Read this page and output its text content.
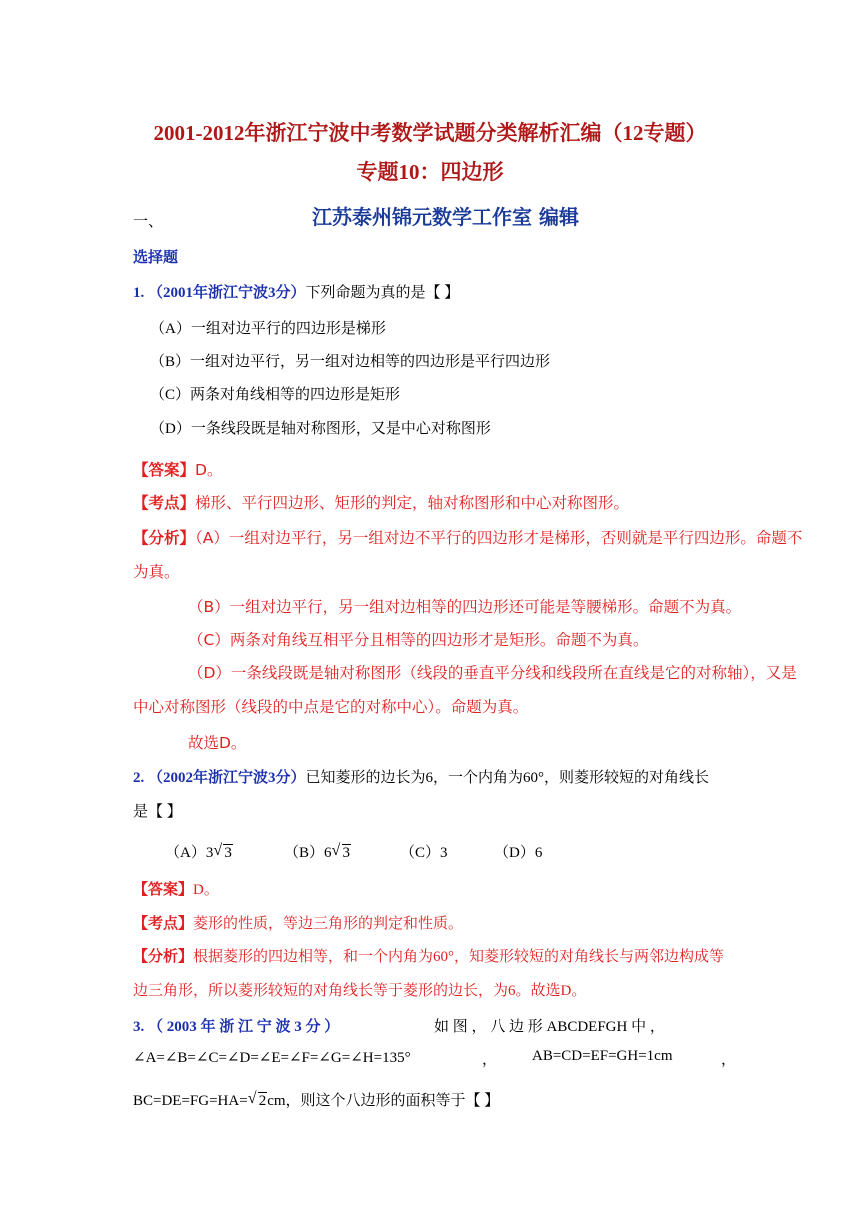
2001-2012年浙江宁波中考数学试题分类解析汇编（12专题）
专题10：四边形
一、	江苏泰州锦元数学工作室 编辑
选择题
1. （2001年浙江宁波3分）下列命题为真的是【 】
（A）一组对边平行的四边形是梯形
（B）一组对边平行，另一组对边相等的四边形是平行四边形
（C）两条对角线相等的四边形是矩形
（D）一条线段既是轴对称图形，又是中心对称图形
【答案】D。
【考点】梯形、平行四边形、矩形的判定，轴对称图形和中心对称图形。
【分析】（A）一组对边平行，另一组对边不平行的四边形才是梯形，否则就是平行四边形。命题不
为真。
（B）一组对边平行，另一组对边相等的四边形还可能是等腰梯形。命题不为真。
（C）两条对角线互相平分且相等的四边形才是矩形。命题不为真。
（D）一条线段既是轴对称图形（线段的垂直平分线和线段所在直线是它的对称轴），又是
中心对称图形（线段的中点是它的对称中心）。命题为真。
故选D。
2. （2002年浙江宁波3分）已知菱形的边长为6，一个内角为60°，则菱形较短的对角线长
是【 】
（A）3 √ 3	（B）6 √ 3	（C）3	（D）6
【答案】D。
【考点】菱形的性质，等边三角形的判定和性质。
【分析】根据菱形的四边相等，和一个内角为60°，知菱形较短的对角线长与两邻边构成等
边三角形，所以菱形较短的对角线长等于菱形的边长，为6。故选D。
3. （ 2003 年 浙 江 宁 波 3 分 ）	如 图 ， 八 边 形 ABCDEFGH 中 ，
∠A=∠B=∠C=∠D=∠E=∠F=∠G=∠H=135°	， AB=CD=EF=GH=1cm	，
BC=DE=FG=HA= √ 2cm，则这个八边形的面积等于【 】
